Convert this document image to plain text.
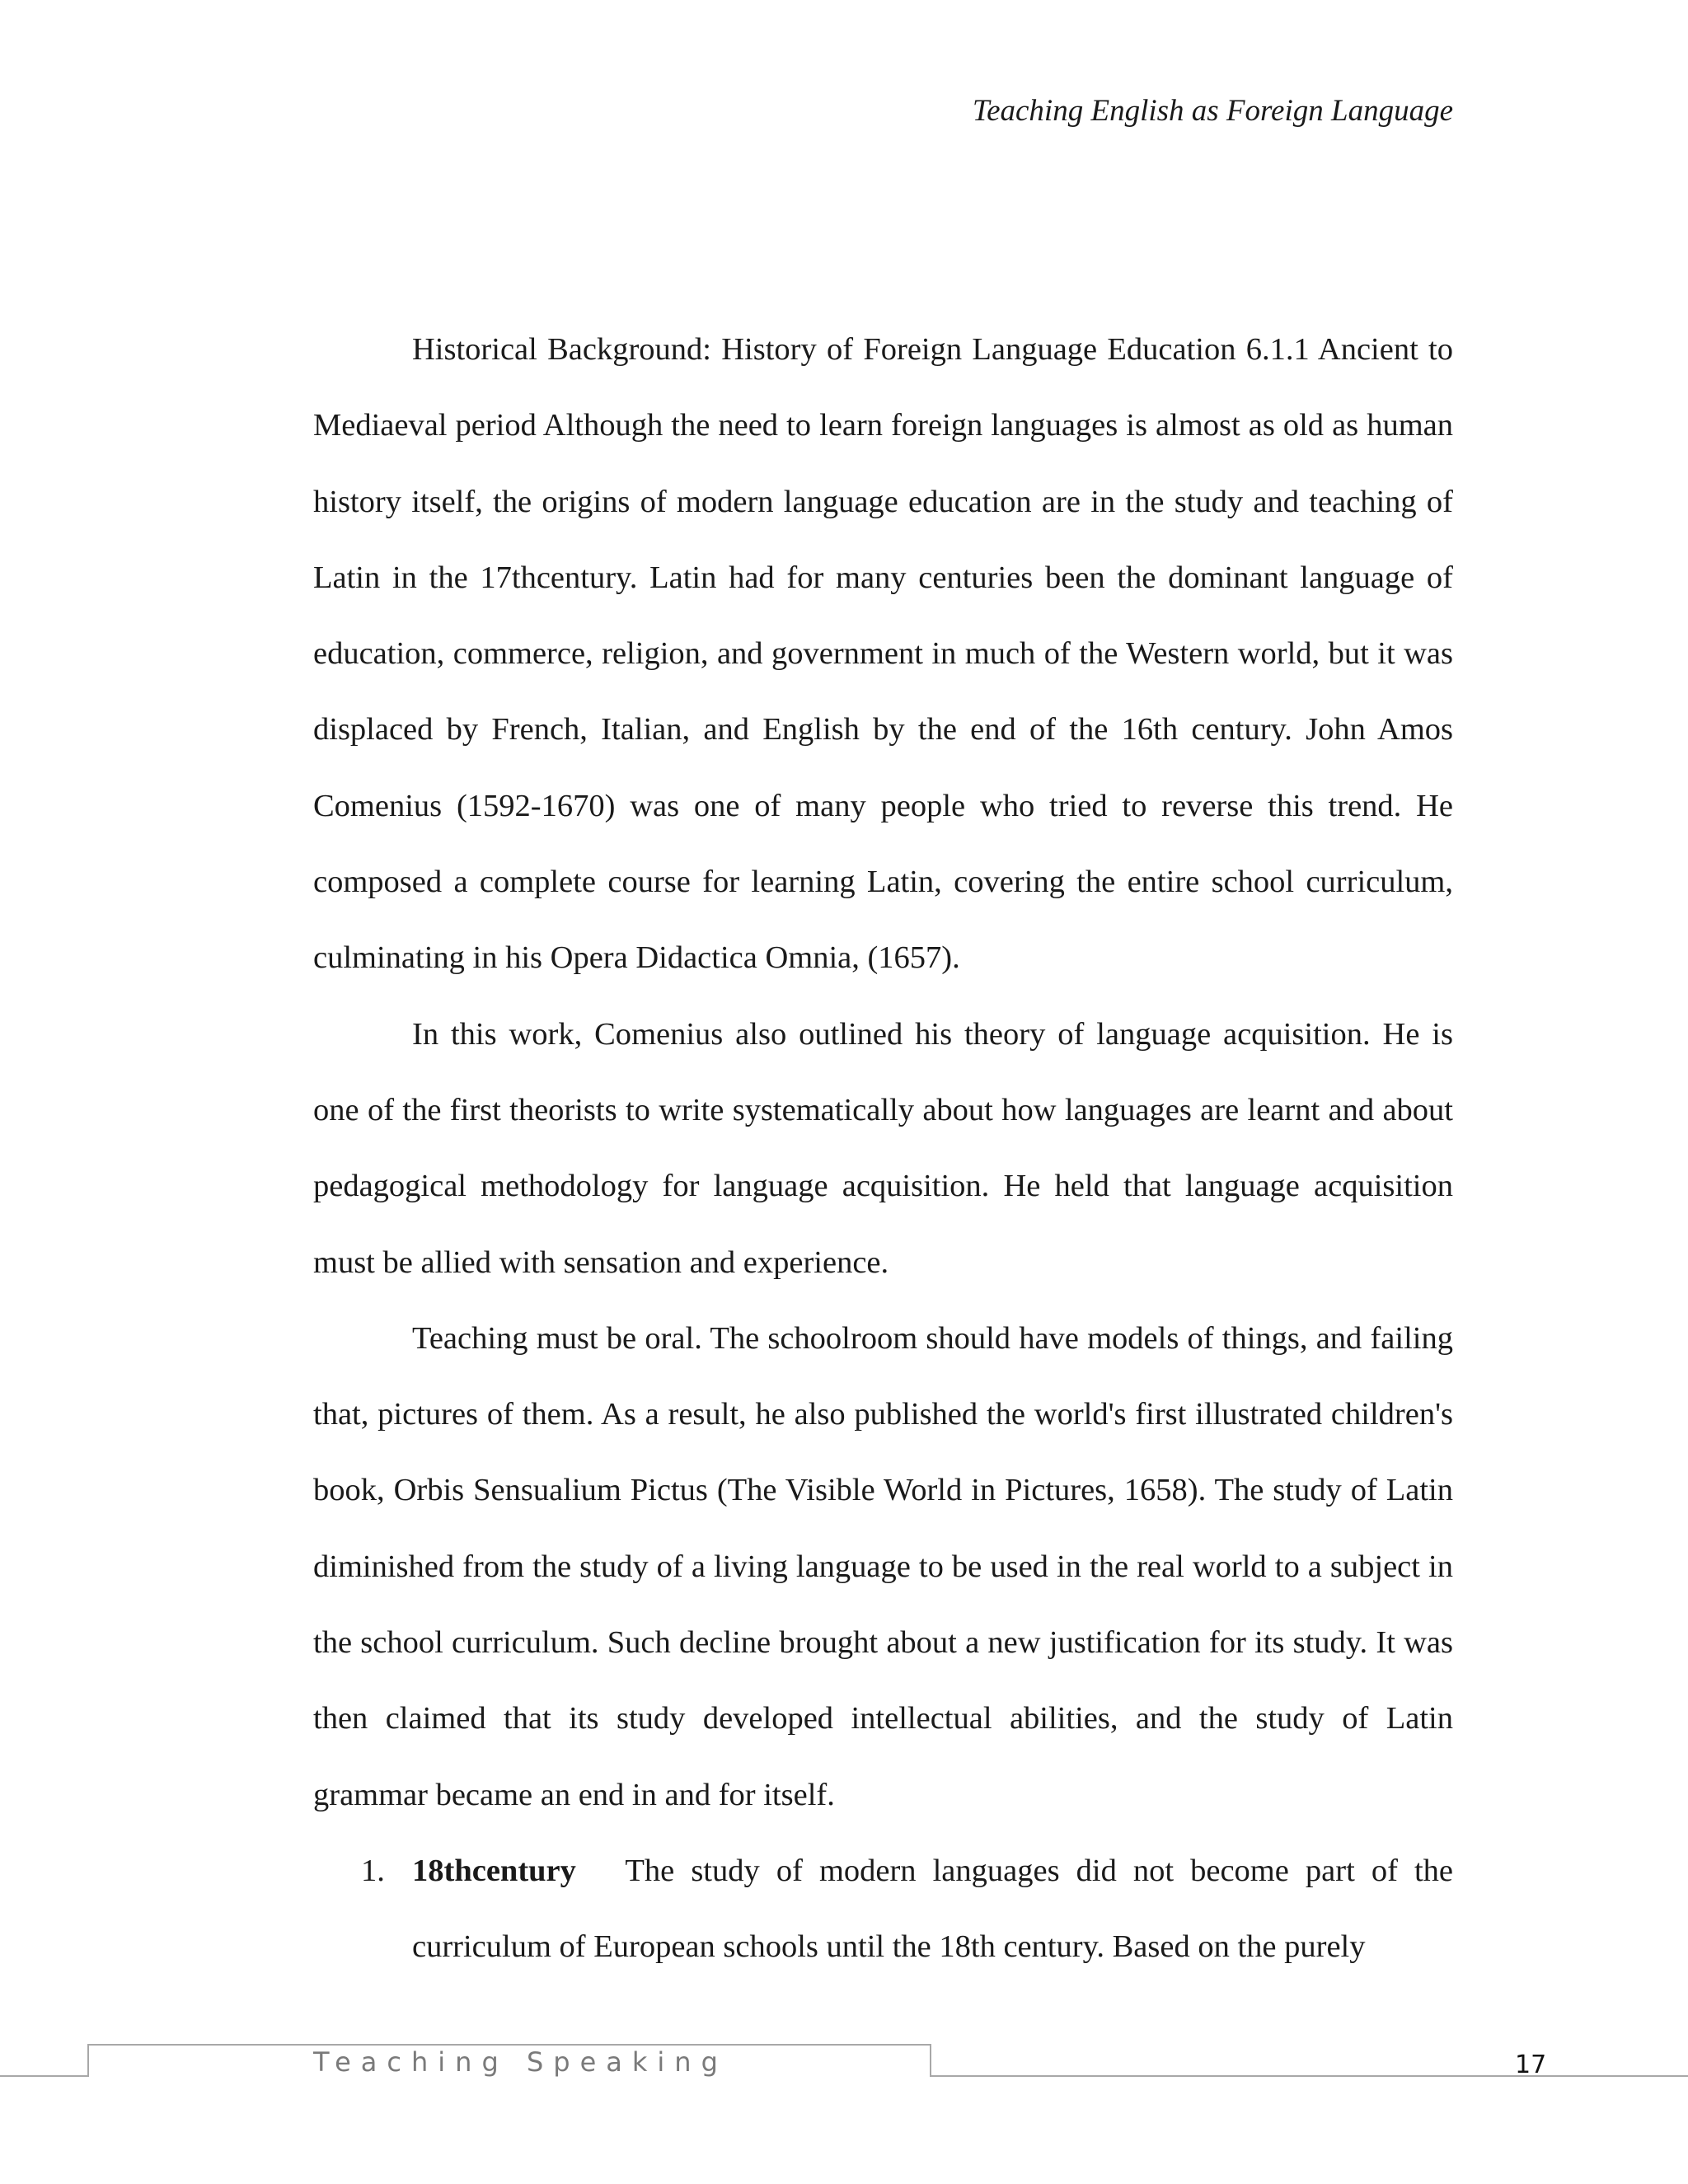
Teaching English as Foreign Language

Historical Background: History of Foreign Language Education 6.1.1 Ancient to Mediaeval period Although the need to learn foreign languages is almost as old as human history itself, the origins of modern language education are in the study and teaching of Latin in the 17thcentury. Latin had for many centuries been the dominant language of education, commerce, religion, and government in much of the Western world, but it was displaced by French, Italian, and English by the end of the 16th century. John Amos Comenius (1592-1670) was one of many people who tried to reverse this trend. He composed a complete course for learning Latin, covering the entire school curriculum, culminating in his Opera Didactica Omnia, (1657).

In this work, Comenius also outlined his theory of language acquisition. He is one of the first theorists to write systematically about how languages are learnt and about pedagogical methodology for language acquisition. He held that language acquisition must be allied with sensation and experience.

Teaching must be oral. The schoolroom should have models of things, and failing that, pictures of them. As a result, he also published the world's first illustrated children's book, Orbis Sensualium Pictus (The Visible World in Pictures, 1658). The study of Latin diminished from the study of a living language to be used in the real world to a subject in the school curriculum. Such decline brought about a new justification for its study. It was then claimed that its study developed intellectual abilities, and the study of Latin grammar became an end in and for itself.

1. 18thcentury The study of modern languages did not become part of the curriculum of European schools until the 18th century. Based on the purely
Teaching Speaking	17
